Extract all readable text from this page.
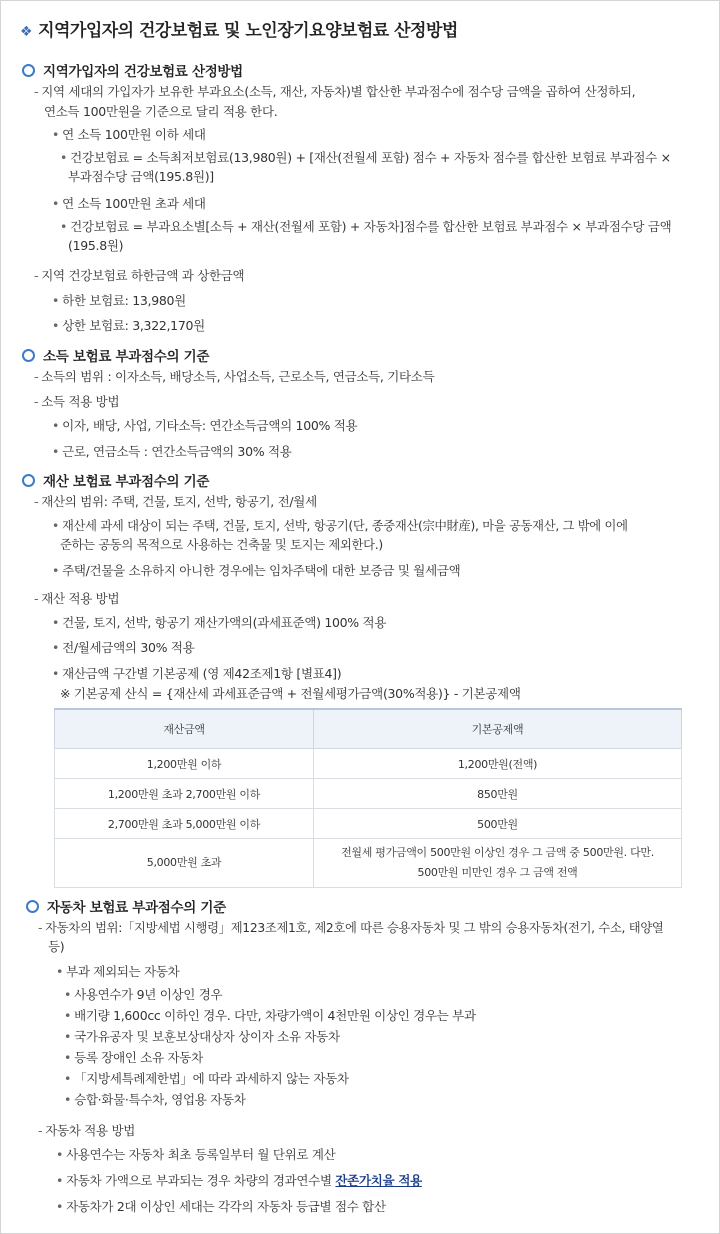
❖ 지역가입자의 건강보험료 및 노인장기요양보험료 산정방법
지역가입자의 건강보험료 산정방법
- 지역 세대의 가입자가 보유한 부과요소(소득, 재산, 자동차)별 합산한 부과점수에 점수당 금액을 곱하여 산정하되,
연소득 100만원을 기준으로 달리 적용 한다.
• 연 소득 100만원 이하 세대
• 건강보험료 = 소득최저보험료(13,980원) + [재산(전월세 포함) 점수 + 자동차 점수를 합산한 보험료 부과점수 ×
부과점수당 금액(195.8원)]
• 연 소득 100만원 초과 세대
• 건강보험료 = 부과요소별[소득 + 재산(전월세 포함) + 자동차]점수를 합산한 보험료 부과점수 × 부과점수당 금액
(195.8원)
- 지역 건강보험료 하한금액 과 상한금액
• 하한 보험료: 13,980원
• 상한 보험료: 3,322,170원
소득 보험료 부과점수의 기준
- 소득의 범위 : 이자소득, 배당소득, 사업소득, 근로소득, 연금소득, 기타소득
- 소득 적용 방법
• 이자, 배당, 사업, 기타소득: 연간소득금액의 100% 적용
• 근로, 연금소득 : 연간소득금액의 30% 적용
재산 보험료 부과점수의 기준
- 재산의 범위: 주택, 건물, 토지, 선박, 항공기, 전/월세
• 재산세 과세 대상이 되는 주택, 건물, 토지, 선박, 항공기(단, 종중재산(宗中財産), 마을 공동재산, 그 밖에 이에
준하는 공동의 목적으로 사용하는 건축물 및 토지는 제외한다.)
• 주택/건물을 소유하지 아니한 경우에는 임차주택에 대한 보증금 및 월세금액
- 재산 적용 방법
• 건물, 토지, 선박, 항공기 재산가액의(과세표준액) 100% 적용
• 전/월세금액의 30% 적용
• 재산금액 구간별 기본공제 (영 제42조제1항 [별표4])
※ 기본공제 산식 = {재산세 과세표준금액 + 전월세평가금액(30%적용)} - 기본공제액
재산금액	기본공제액
1,200만원 이하	1,200만원(전액)
1,200만원 초과 2,700만원 이하	850만원
2,700만원 초과 5,000만원 이하	500만원
5,000만원 초과	전월세 평가금액이 500만원 이상인 경우 그 금액 중 500만원. 다만.
500만원 미만인 경우 그 금액 전액
자동차 보험료 부과점수의 기준
- 자동차의 범위:「지방세법 시행령」제123조제1호, 제2호에 따른 승용자동차 및 그 밖의 승용자동차(전기, 수소, 태양열
등)
• 부과 제외되는 자동차
• 사용연수가 9년 이상인 경우
• 배기량 1,600cc 이하인 경우. 다만, 차량가액이 4천만원 이상인 경우는 부과
• 국가유공자 및 보훈보상대상자 상이자 소유 자동차
• 등록 장애인 소유 자동차
• 「지방세특례제한법」에 따라 과세하지 않는 자동차
• 승합·화물·특수차, 영업용 자동차
- 자동차 적용 방법
• 사용연수는 자동차 최초 등록일부터 월 단위로 계산
• 자동차 가액으로 부과되는 경우 차량의 경과연수별 잔존가치율 적용
• 자동차가 2대 이상인 세대는 각각의 자동차 등급별 점수 합산
